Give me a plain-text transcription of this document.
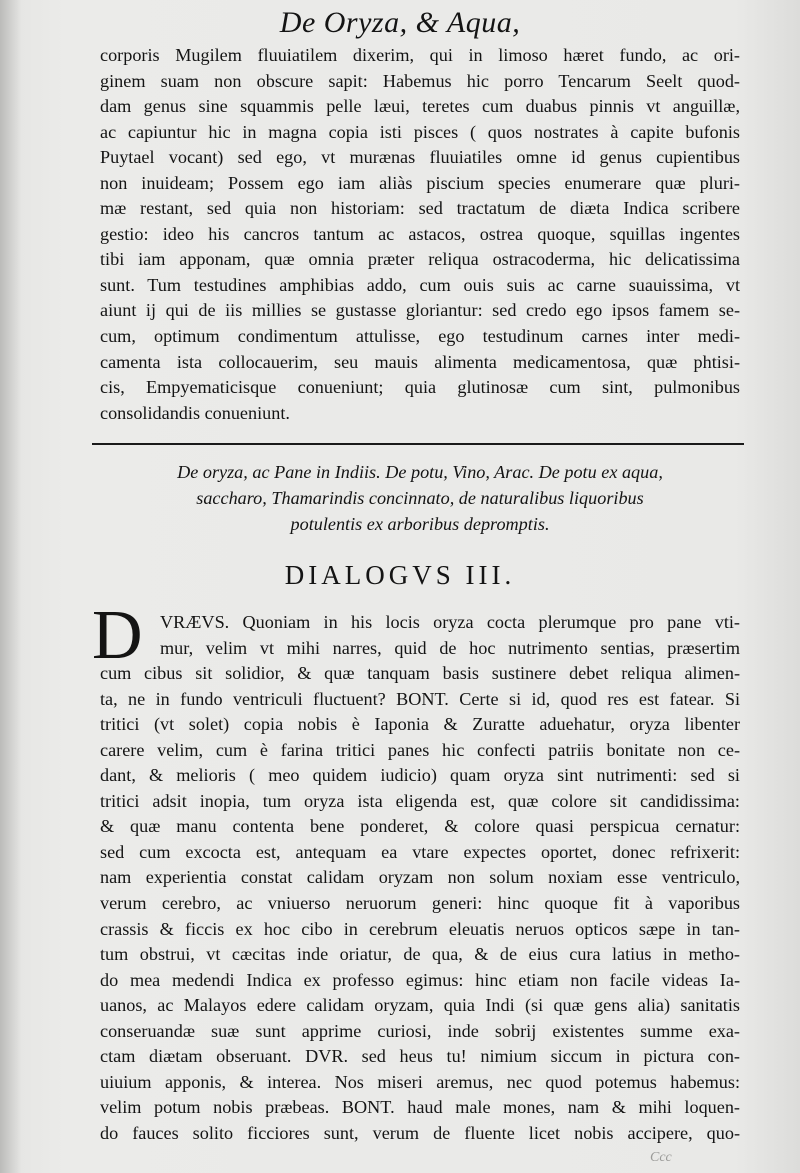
De Oryza, & Aqua,
corporis Mugilem fluuiatilem dixerim, qui in limoso hæret fundo, ac ori-
ginem suam non obscure sapit: Habemus hic porro Tencarum Seelt quod-
dam genus sine squammis pelle læui, teretes cum duabus pinnis vt anguillæ,
ac capiuntur hic in magna copia isti pisces ( quos nostrates à capite bufonis
Puytael vocant) sed ego, vt murænas fluuiatiles omne id genus cupientibus
non inuideam; Possem ego iam aliàs piscium species enumerare quæ pluri-
mæ restant, sed quia non historiam: sed tractatum de diæta Indica scribere
gestio: ideo his cancros tantum ac astacos, ostrea quoque, squillas ingentes
tibi iam apponam, quæ omnia præter reliqua ostracoderma, hic delicatissima
sunt. Tum testudines amphibias addo, cum ouis suis ac carne suauissima, vt
aiunt ij qui de iis millies se gustasse gloriantur: sed credo ego ipsos famem se-
cum, optimum condimentum attulisse, ego testudinum carnes inter medi-
camenta ista collocauerim, seu mauis alimenta medicamentosa, quæ phtisi-
cis, Empyematicisque conueniunt; quia glutinosæ cum sint, pulmonibus
consolidandis conueniunt.
De oryza, ac Pane in Indiis. De potu, Vino, Arac. De potu ex aqua,
saccharo, Thamarindis concinnato, de naturalibus liquoribus
potulentis ex arboribus depromptis.
DIALOGVS III.
D VRÆVS. Quoniam in his locis oryza cocta plerumque pro pane vti-
mur, velim vt mihi narres, quid de hoc nutrimento sentias, præsertim
cum cibus sit solidior, & quæ tanquam basis sustinere debet reliqua alimen-
ta, ne in fundo ventriculi fluctuent? BONT. Certe si id, quod res est fatear. Si
tritici (vt solet) copia nobis è Iaponia & Zuratte aduehatur, oryza libenter
carere velim, cum è farina tritici panes hic confecti patriis bonitate non ce-
dant, & melioris ( meo quidem iudicio) quam oryza sint nutrimenti: sed si
tritici adsit inopia, tum oryza ista eligenda est, quæ colore sit candidissima:
& quæ manu contenta bene ponderet, & colore quasi perspicua cernatur:
sed cum excocta est, antequam ea vtare expectes oportet, donec refrixerit:
nam experientia constat calidam oryzam non solum noxiam esse ventriculo,
verum cerebro, ac vniuerso neruorum generi: hinc quoque fit à vaporibus
crassis & ficcis ex hoc cibo in cerebrum eleuatis neruos opticos sæpe in tan-
tum obstrui, vt cæcitas inde oriatur, de qua, & de eius cura latius in metho-
do mea medendi Indica ex professo egimus: hinc etiam non facile videas Ia-
uanos, ac Malayos edere calidam oryzam, quia Indi (si quæ gens alia) sanitatis
conseruandæ suæ sunt apprime curiosi, inde sobrij existentes summe exa-
ctam diætam obseruant. DVR. sed heus tu! nimium siccum in pictura con-
uiuium apponis, & interea. Nos miseri aremus, nec quod potemus habemus:
velim potum nobis præbeas. BONT. haud male mones, nam & mihi loquen-
do fauces solito ficciores sunt, verum de fluente licet nobis accipere, quo-
Ccc
